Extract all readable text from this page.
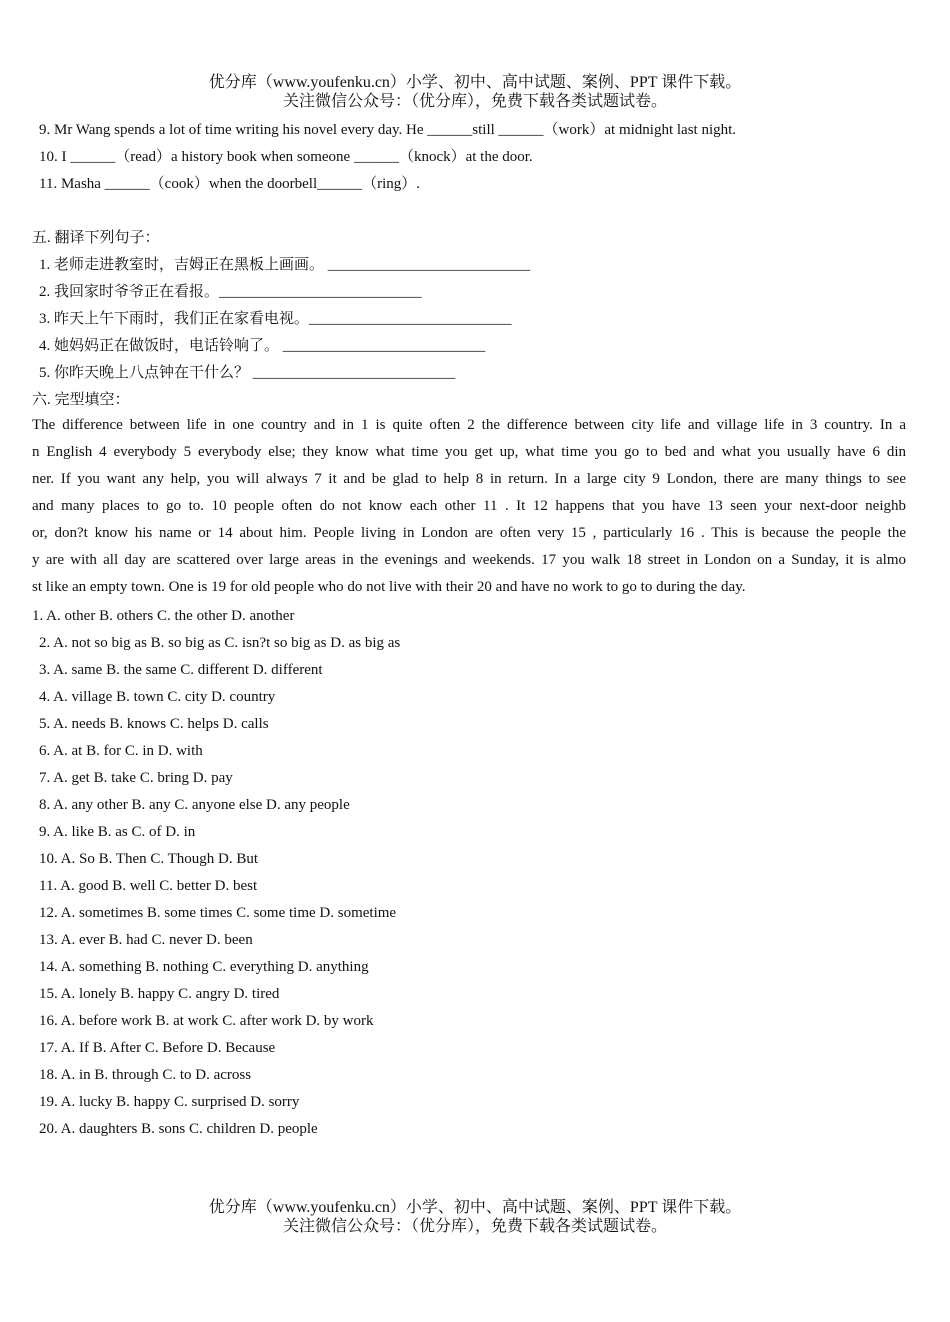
优分库（www.youfenku.cn）小学、初中、高中试题、案例、PPT 课件下载。
关注微信公众号：（优分库），免费下载各类试题试卷。
9. Mr Wang spends a lot of time writing his novel every day. He ______still ______（work）at midnight last night.
10. I ______（read）a history book when someone ______（knock）at the door.
11. Masha ______（cook）when the doorbell______（ring）.
五. 翻译下列句子：
1. 老师走进教室时，吉姆正在黑板上画画。 ___________________________
2. 我回家时爷爷正在看报。___________________________
3. 昨天上午下雨时，我们正在家看电视。___________________________
4. 她妈妈正在做饭时，电话铃响了。 ___________________________
5. 你昨天晚上八点钟在干什么？ ___________________________
六. 完型填空：
The difference between life in one country and in 1 is quite often 2 the difference between city life and village life in 3 country. In a
n English 4 everybody 5 everybody else; they know what time you get up, what time you go to bed and what you usually have 6 din
ner. If you want any help, you will always 7 it and be glad to help 8 in return. In a large city 9 London, there are many things to see
and many places to go to. 10 people often do not know each other 11 . It 12 happens that you have 13 seen your next-door neighb
or, don?t know his name or 14 about him. People living in London are often very 15 , particularly 16 . This is because the people the
y are with all day are scattered over large areas in the evenings and weekends. 17 you walk 18 street in London on a Sunday, it is almo
st like an empty town. One is 19 for old people who do not live with their 20 and have no work to go to during the day.
1. A. other B. others C. the other D. another
2. A. not so big as B. so big as C. isn?t so big as D. as big as
3. A. same B. the same C. different D. different
4. A. village B. town C. city D. country
5. A. needs B. knows C. helps D. calls
6. A. at B. for C. in D. with
7. A. get B. take C. bring D. pay
8. A. any other B. any C. anyone else D. any people
9. A. like B. as C. of D. in
10. A. So B. Then C. Though D. But
11. A. good B. well C. better D. best
12. A. sometimes B. some times C. some time D. sometime
13. A. ever B. had C. never D. been
14. A. something B. nothing C. everything D. anything
15. A. lonely B. happy C. angry D. tired
16. A. before work B. at work C. after work D. by work
17. A. If B. After C. Before D. Because
18. A. in B. through C. to D. across
19. A. lucky B. happy C. surprised D. sorry
20. A. daughters B. sons C. children D. people
优分库（www.youfenku.cn）小学、初中、高中试题、案例、PPT 课件下载。
关注微信公众号：（优分库），免费下载各类试题试卷。
